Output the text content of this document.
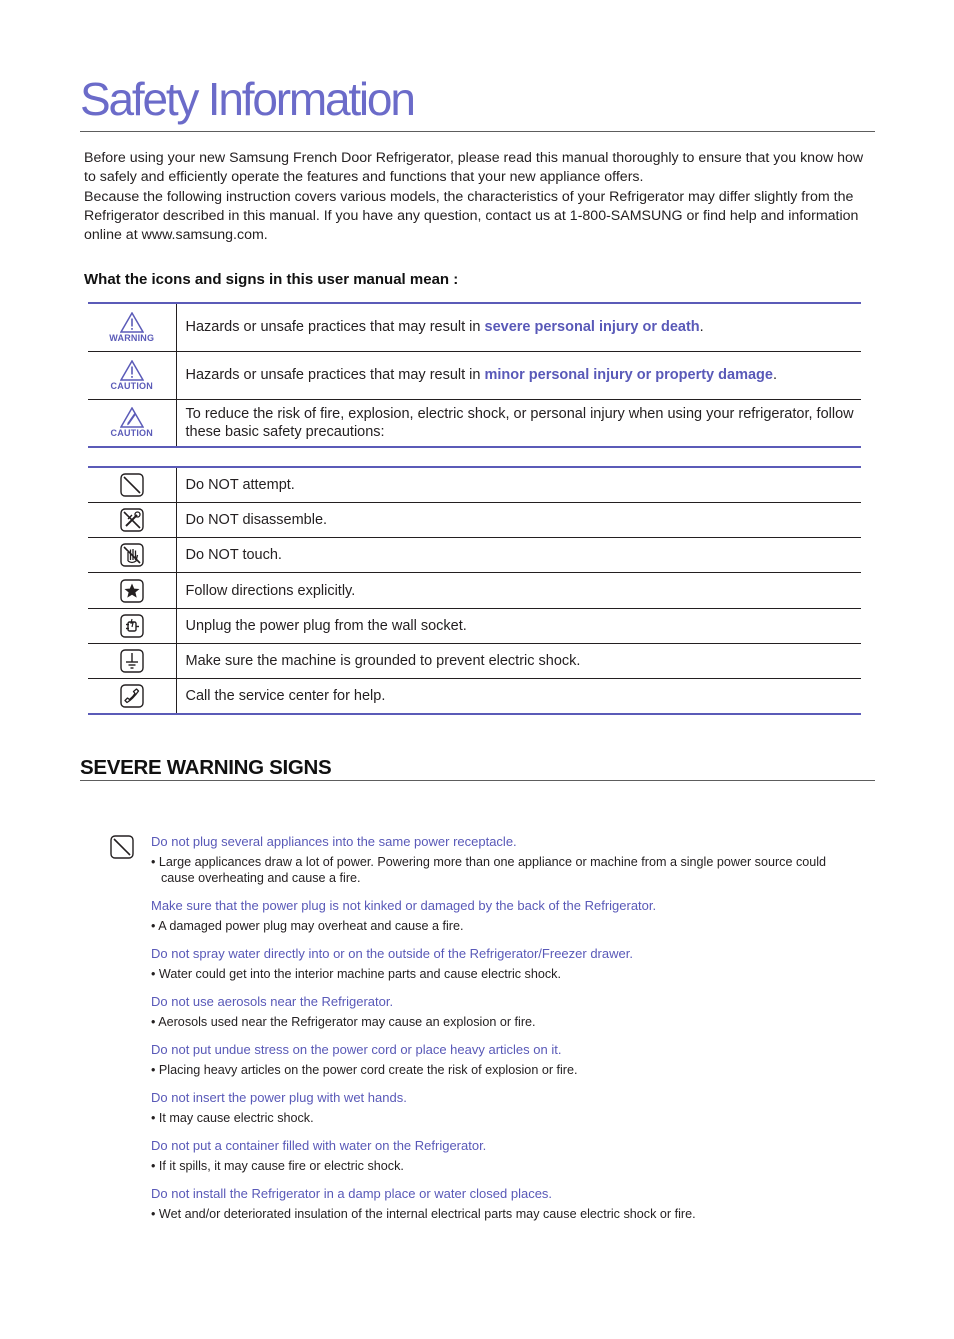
Safety Information

Before using your new Samsung French Door Refrigerator, please read this manual thoroughly to ensure that you know how to safely and efficiently operate the features and functions that your new appliance offers.

Because the following instruction covers various models, the characteristics of your Refrigerator may differ slightly from the Refrigerator described in this manual. If you have any question, contact us at 1-800-SAMSUNG or find help and information online at www.samsung.com.

What the icons and signs in this user manual mean :
WARNING	Hazards or unsafe practices that may result in severe personal injury or death.

CAUTION	Hazards or unsafe practices that may result in minor personal injury or property damage.

CAUTION	To reduce the risk of fire, explosion, electric shock, or personal injury when using your refrigerator, follow these basic safety precautions:
	Do NOT attempt.
	Do NOT disassemble.
	Do NOT touch.
	Follow directions explicitly.
	Unplug the power plug from the wall socket.
	Make sure the machine is grounded to prevent electric shock.
	Call the service center for help.
SEVERE WARNING SIGNS
Do not plug several appliances into the same power receptacle.
• Large applicances draw a lot of power. Powering more than one appliance or machine from a single power source could cause overheating and cause a fire.
Make sure that the power plug is not kinked or damaged by the back of the Refrigerator.
• A damaged power plug may overheat and cause a fire.
Do not spray water directly into or on the outside of the Refrigerator/Freezer drawer.
• Water could get into the interior machine parts and cause electric shock.
Do not use aerosols near the Refrigerator.
• Aerosols used near the Refrigerator may cause an explosion or fire.
Do not put undue stress on the power cord or place heavy articles on it.
• Placing heavy articles on the power cord create the risk of explosion or fire.
Do not insert the power plug with wet hands.
• It may cause electric shock.
Do not put a container filled with water on the Refrigerator.
• If it spills, it may cause fire or electric shock.
Do not install the Refrigerator in a damp place or water closed places.
• Wet and/or deteriorated insulation of the internal electrical parts may cause electric shock or fire.
